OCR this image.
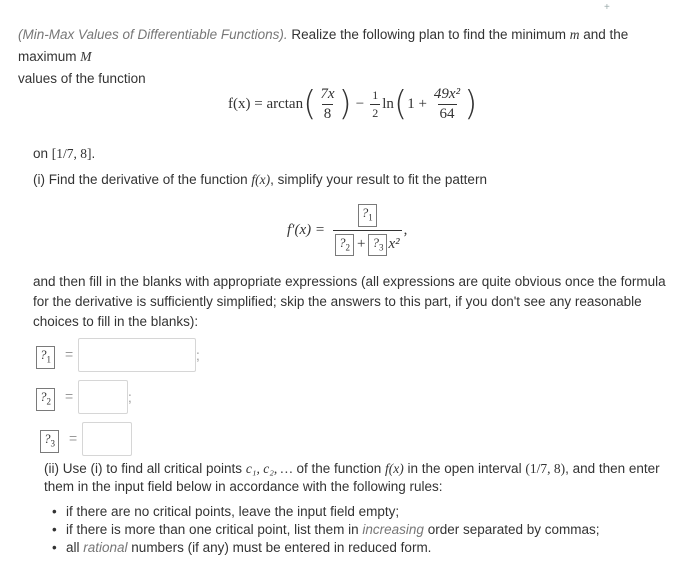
+
(Min-Max Values of Differentiable Functions). Realize the following plan to find the minimum m and the maximum M
values of the function
f(x) = arctan ( $\frac{7x}{8}$ ) − $\frac{1}{2}$ ln ( $1 + \frac{\text{49x²}}{64}$ )
on [1/7, 8].
(i) Find the derivative of the function f(x), simplify your result to fit the pattern
$f'(x) = \frac{?_1}{?_2 + ?_3 x^2}$ ,
and then fill in the blanks with appropriate expressions (all expressions are quite obvious once the formula for the derivative is sufficiently simplified; skip the answers to this part, if you don't see any reasonable choices to fill in the blanks):
$?_1$ =	;
$?_2$ =	;
$?_3$ =
(ii) Use (i) to find all critical points c₁, c₂, … of the function f(x) in the open interval (1/7, 8), and then enter them in the input field below in accordance with the following rules:
• if there are no critical points, leave the input field empty;
• if there is more than one critical point, list them in increasing order separated by commas;
• all rational numbers (if any) must be entered in reduced form.
